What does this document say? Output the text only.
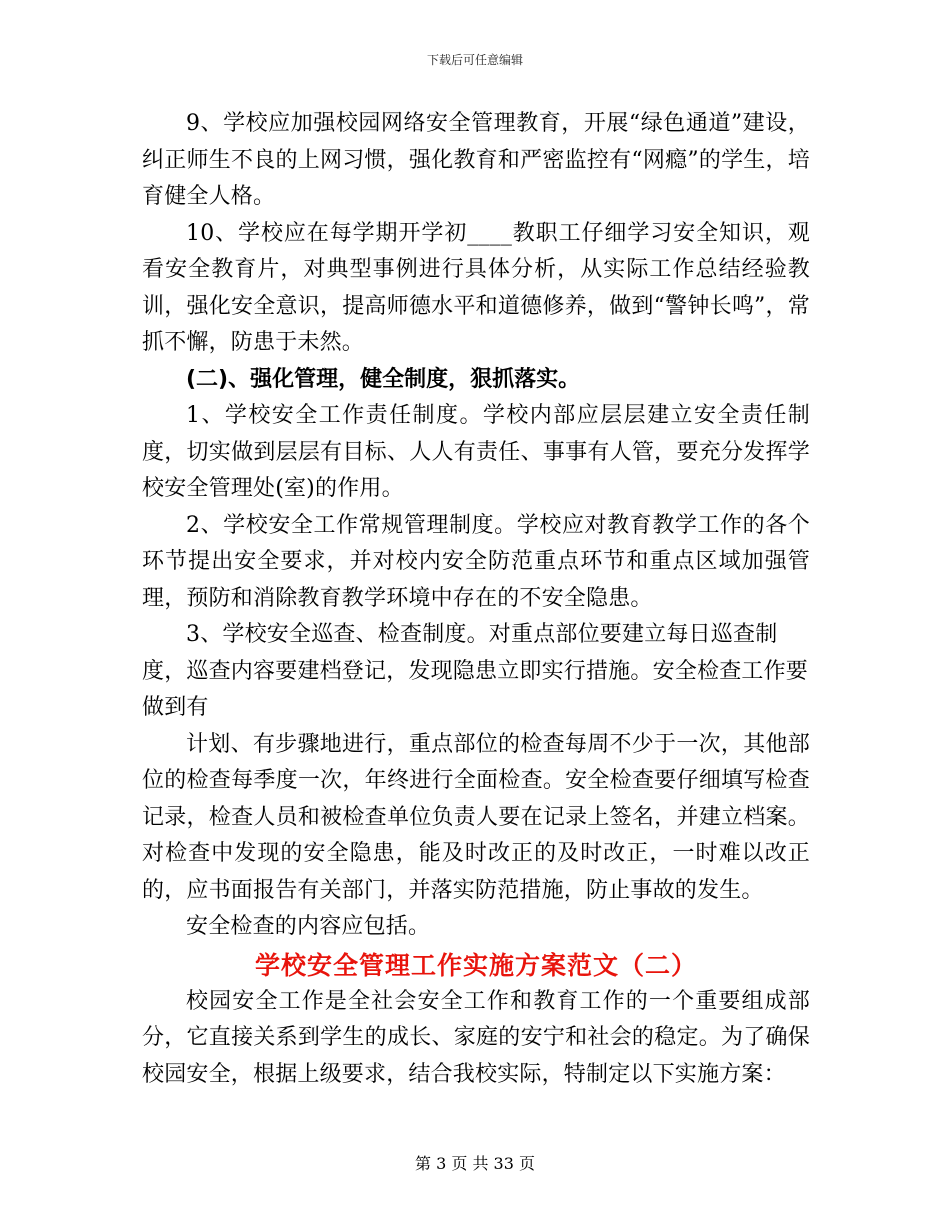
下载后可任意编辑

9、学校应加强校园网络安全管理教育，开展“绿色通道”建设，纠正师生不良的上网习惯，强化教育和严密监控有“网瘾”的学生，培育健全人格。

10、学校应在每学期开学初____教职工仔细学习安全知识，观看安全教育片，对典型事例进行具体分析，从实际工作总结经验教训，强化安全意识，提高师德水平和道德修养，做到“警钟长鸣”，常抓不懈，防患于未然。

(二)、强化管理，健全制度，狠抓落实。

1、学校安全工作责任制度。学校内部应层层建立安全责任制度，切实做到层层有目标、人人有责任、事事有人管，要充分发挥学校安全管理处(室)的作用。

2、学校安全工作常规管理制度。学校应对教育教学工作的各个环节提出安全要求，并对校内安全防范重点环节和重点区域加强管理，预防和消除教育教学环境中存在的不安全隐患。

3、学校安全巡查、检查制度。对重点部位要建立每日巡查制度，巡查内容要建档登记，发现隐患立即实行措施。安全检查工作要做到有

计划、有步骤地进行，重点部位的检查每周不少于一次，其他部位的检查每季度一次，年终进行全面检查。安全检查要仔细填写检查记录，检查人员和被检查单位负责人要在记录上签名，并建立档案。对检查中发现的安全隐患，能及时改正的及时改正，一时难以改正的，应书面报告有关部门，并落实防范措施，防止事故的发生。

安全检查的内容应包括。

学校安全管理工作实施方案范文（二）

校园安全工作是全社会安全工作和教育工作的一个重要组成部分，它直接关系到学生的成长、家庭的安宁和社会的稳定。为了确保校园安全，根据上级要求，结合我校实际，特制定以下实施方案：

第 3 页 共 33 页
